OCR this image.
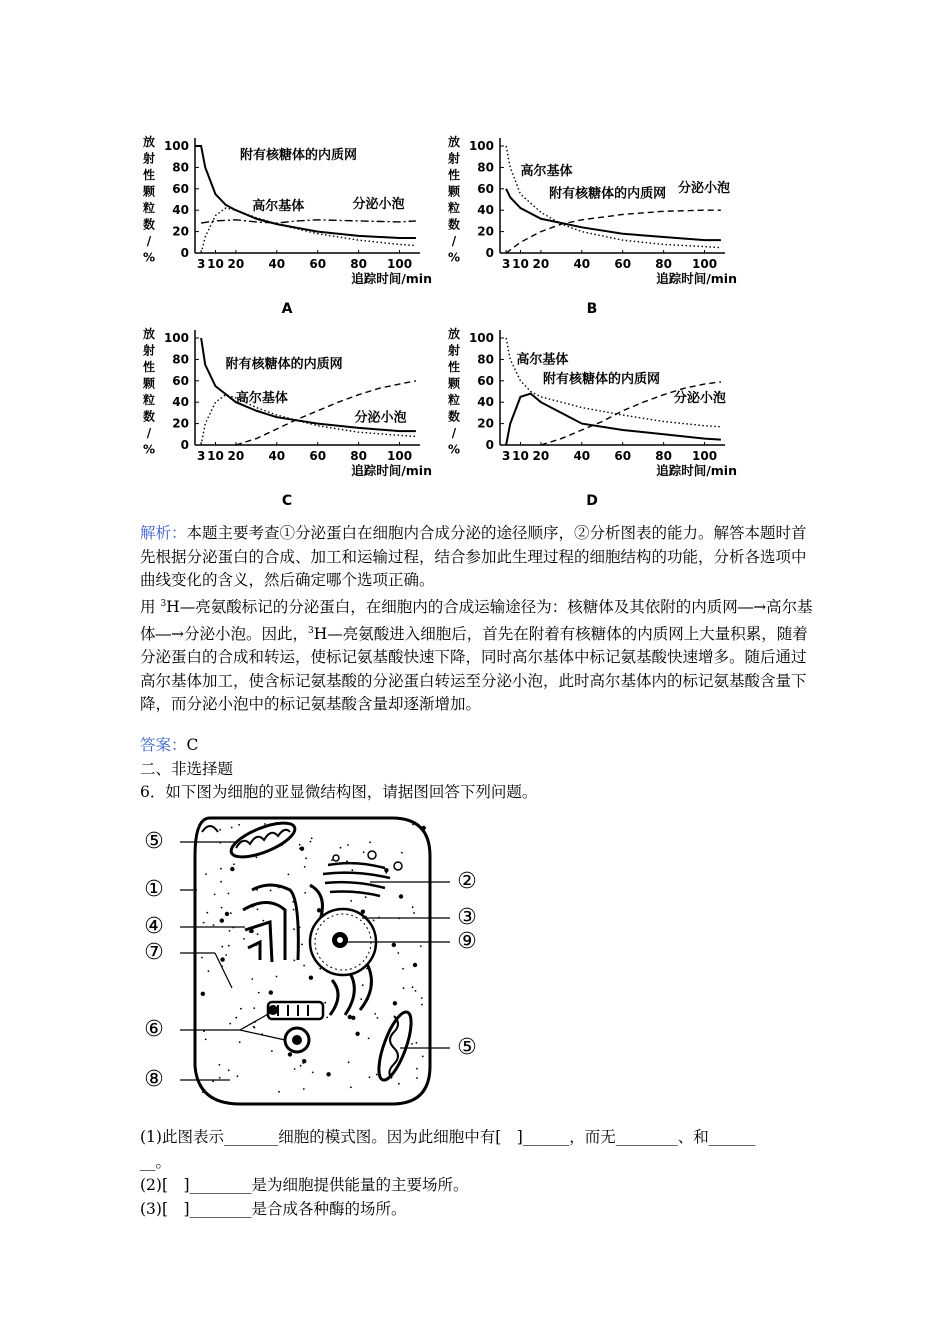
放
射
性
颗
粒
数
/
%
100
80
60
40
20
0
3 10 20 40 60 80 100
追踪时间/min
附有核糖体的内质网
高尔基体	分泌小泡
A
放
射
性
颗
粒
数
/
%
100
80
60
40
20
0
3 10 20 40 60 80 100
追踪时间/min
高尔基体
附有核糖体的内质网 分泌小泡
B
放
射
性
颗
粒
数
/
%
100
80
60
40
20
0
3 10 20 40 60 80 100
追踪时间/min
附有核糖体的内质网
高尔基体
分泌小泡
C
放
射
性
颗
粒
数
/
%
100
80
60
40
20
0
3 10 20 40 60 80 100
追踪时间/min
高尔基体
附有核糖体的内质网
分泌小泡
D
解析：本题主要考查①分泌蛋白在细胞内合成分泌的途径顺序，②分析图表的能力。解答本题时首先根据分泌蛋白的合成、加工和运输过程，结合参加此生理过程的细胞结构的功能，分析各选项中曲线变化的含义，然后确定哪个选项正确。
用 $^3$H—亮氨酸标记的分泌蛋白，在细胞内的合成运输途径为：核糖体及其依附的内质网―→高尔基体―→分泌小泡。因此，$^3$H—亮氨酸进入细胞后，首先在附着有核糖体的内质网上大量积累，随着分泌蛋白的合成和转运，使标记氨基酸快速下降，同时高尔基体中标记氨基酸快速增多。随后通过高尔基体加工，使含标记氨基酸的分泌蛋白转运至分泌小泡，此时高尔基体内的标记氨基酸含量下降，而分泌小泡中的标记氨基酸含量却逐渐增加。
答案：C
二、非选择题
6．如下图为细胞的亚显微结构图，请据图回答下列问题。
⑤
①
④
⑦
⑥
⑧
②
③
⑨
⑤
(1)此图表示_______细胞的模式图。因为此细胞中有[　]______，而无________、和______
__。
(2)[　]________是为细胞提供能量的主要场所。
(3)[　]________是合成各种酶的场所。
